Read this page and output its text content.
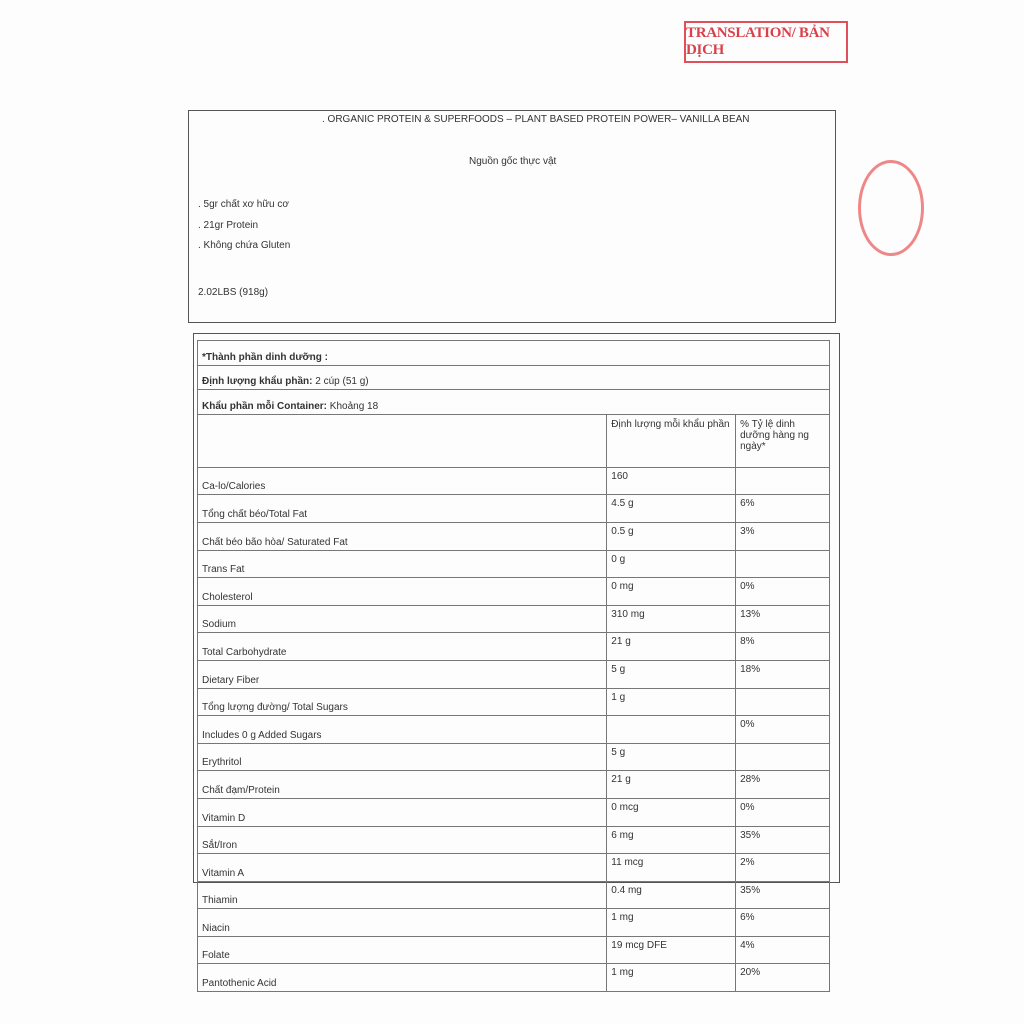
TRANSLATION/ BẢN DỊCH
. ORGANIC PROTEIN & SUPERFOODS – PLANT BASED PROTEIN POWER– VANILLA BEAN
Nguồn gốc thực vật
. 5gr chất xơ hữu cơ
. 21gr Protein
. Không chứa Gluten
2.02LBS (918g)
*Thành phần dinh dưỡng :		
Định lượng khẩu phần: 2 cúp (51 g)		
Khẩu phần mỗi Container: Khoảng 18		
	Định lượng mỗi khẩu phần	% Tỷ lệ dinh dưỡng hàng ng ngày*
Ca-lo/Calories	160	
Tổng chất béo/Total Fat	4.5 g	6%
Chất béo bão hòa/ Saturated Fat	0.5 g	3%
Trans Fat	0 g	
Cholesterol	0 mg	0%
Sodium	310 mg	13%
Total Carbohydrate	21 g	8%
Dietary Fiber	5 g	18%
Tổng lượng đường/ Total Sugars	1 g	
Includes 0 g Added Sugars		0%
Erythritol	5 g	
Chất đạm/Protein	21 g	28%
Vitamin D	0 mcg	0%
Sắt/Iron	6 mg	35%
Vitamin A	11 mcg	2%
Thiamin	0.4 mg	35%
Niacin	1 mg	6%
Folate	19 mcg DFE	4%
Pantothenic Acid	1 mg	20%
